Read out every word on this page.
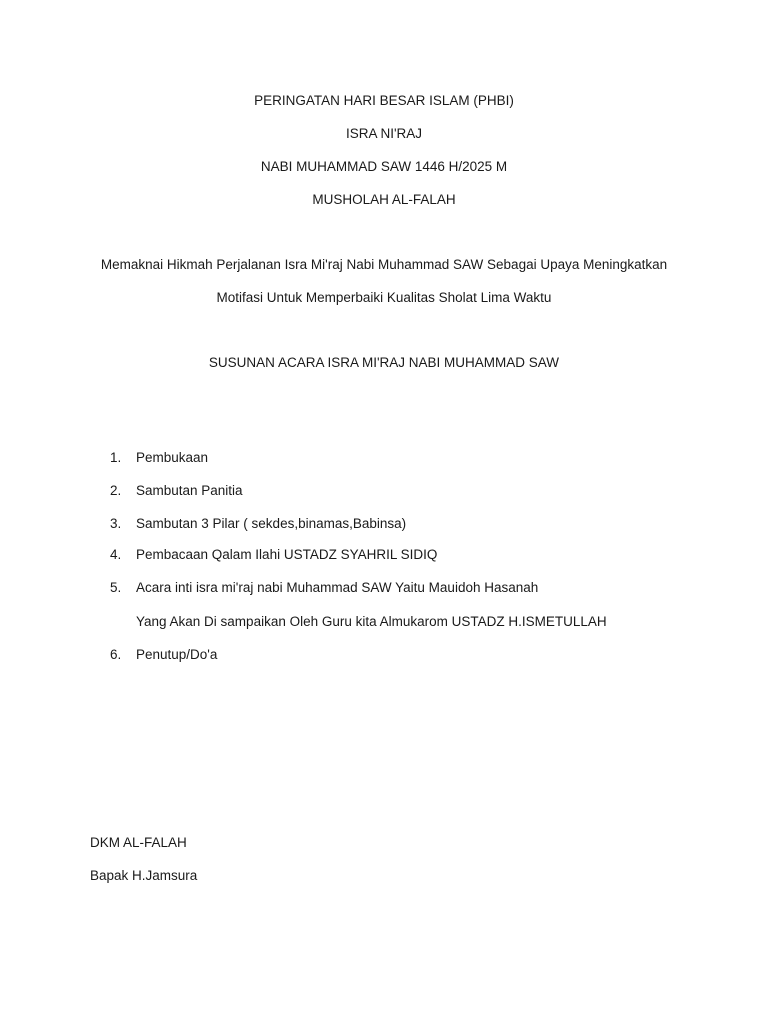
PERINGATAN HARI BESAR ISLAM (PHBI)
ISRA NI'RAJ
NABI MUHAMMAD SAW 1446 H/2025 M
MUSHOLAH AL-FALAH
Memaknai Hikmah Perjalanan Isra Mi'raj Nabi Muhammad SAW Sebagai Upaya Meningkatkan
Motifasi Untuk Memperbaiki Kualitas Sholat Lima Waktu
SUSUNAN ACARA ISRA MI'RAJ NABI MUHAMMAD SAW
1.	Pembukaan
2.	Sambutan Panitia
3.	Sambutan 3 Pilar ( sekdes,binamas,Babinsa)
4.	Pembacaan Qalam Ilahi USTADZ SYAHRIL SIDIQ
5.	Acara inti isra mi'raj nabi Muhammad SAW Yaitu Mauidoh Hasanah
Yang Akan Di sampaikan Oleh Guru kita Almukarom USTADZ H.ISMETULLAH
6.	Penutup/Do'a
DKM AL-FALAH
Bapak H.Jamsura
